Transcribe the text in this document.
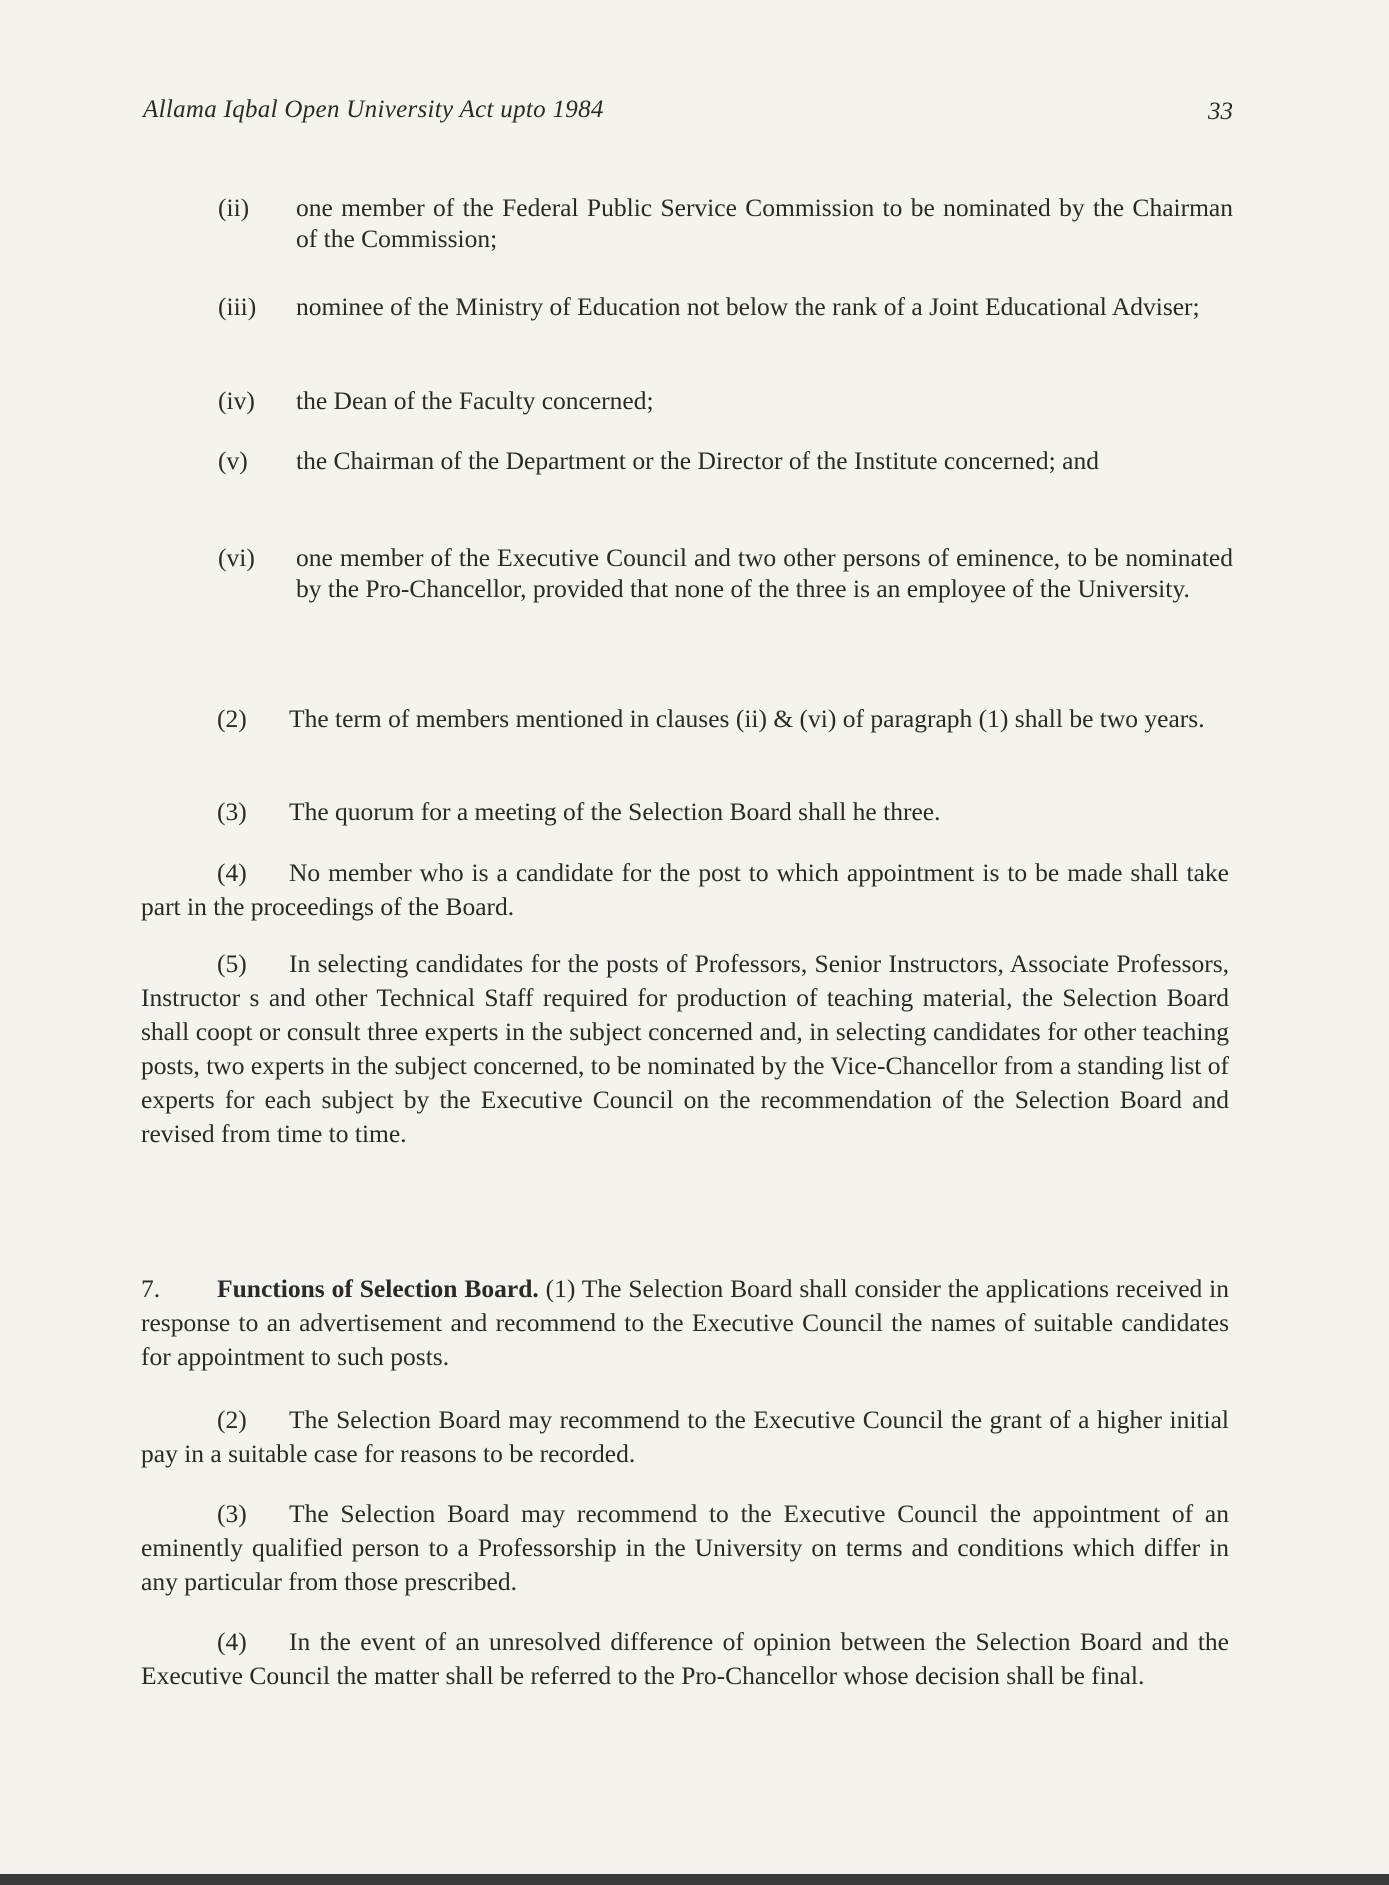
Allama Iqbal Open University Act upto 1984	33
(ii) one member of the Federal Public Service Commission to be nominated by the Chairman of the Commission;
(iii) nominee of the Ministry of Education not below the rank of a Joint Educational Adviser;
(iv) the Dean of the Faculty concerned;
(v) the Chairman of the Department or the Director of the Institute concerned; and
(vi) one member of the Executive Council and two other persons of eminence, to be nominated by the Pro-Chancellor, provided that none of the three is an employee of the University.
(2) The term of members mentioned in clauses (ii) & (vi) of paragraph (1) shall be two years.
(3) The quorum for a meeting of the Selection Board shall he three.
(4) No member who is a candidate for the post to which appointment is to be made shall take part in the proceedings of the Board.
(5) In selecting candidates for the posts of Professors, Senior Instructors, Associate Professors, Instructor s and other Technical Staff required for production of teaching material, the Selection Board shall coopt or consult three experts in the subject concerned and, in selecting candidates for other teaching posts, two experts in the subject concerned, to be nominated by the Vice-Chancellor from a standing list of experts for each subject by the Executive Council on the recommendation of the Selection Board and revised from time to time.
7. Functions of Selection Board. (1) The Selection Board shall consider the applications received in response to an advertisement and recommend to the Executive Council the names of suitable candidates for appointment to such posts.
(2) The Selection Board may recommend to the Executive Council the grant of a higher initial pay in a suitable case for reasons to be recorded.
(3) The Selection Board may recommend to the Executive Council the appointment of an eminently qualified person to a Professorship in the University on terms and conditions which differ in any particular from those prescribed.
(4) In the event of an unresolved difference of opinion between the Selection Board and the Executive Council the matter shall be referred to the Pro-Chancellor whose decision shall be final.
